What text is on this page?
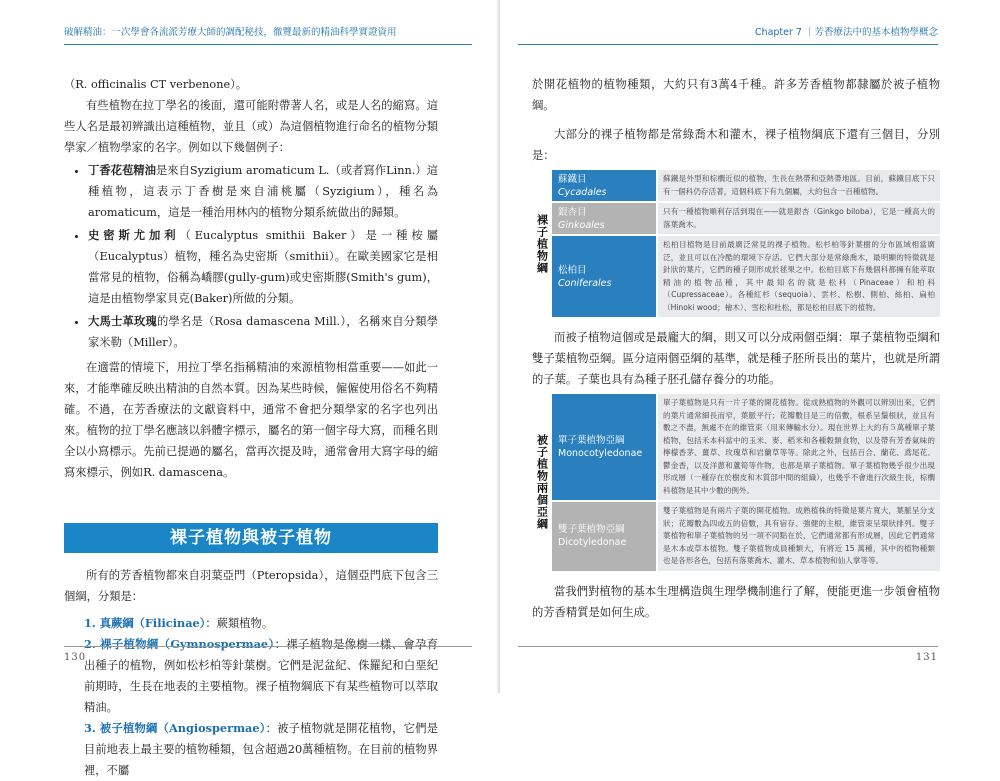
破解精油：一次學會各流派芳療大師的調配秘技，徹覽最新的精油科學實證資用

（R. officinalis CT verbenone）。

有些植物在拉丁學名的後面，還可能附帶著人名，或是人名的縮寫。這些人名是最初辨識出這種植物，並且（或）為這個植物進行命名的植物分類學家／植物學家的名字。例如以下幾個例子：

• 丁香花苞精油是來自Syzigium aromaticum L.（或者寫作Linn.）這種植物，這表示丁香樹是來自浦桃屬（Syzigium），種名為aromaticum，這是一種治用林內的植物分類系統做出的歸類。
• 史密斯尤加利（Eucalyptus smithii Baker）是一種桉屬（Eucalyptus）植物，種名為史密斯（smithii）。在歐美國家它是相當常見的植物，俗稱為嶠膠(gully-gum)或史密斯膠(Smith's gum)，這是由植物學家貝克(Baker)所做的分類。
• 大馬士革玫瑰的學名是（Rosa damascena Mill.），名稱來自分類學家米勒（Miller）。

在適當的情境下，用拉丁學名指稱精油的來源植物相當重要——如此一來，才能準確反映出精油的自然本質。因為某些時候，僱僱使用俗名不夠精確。不過，在芳香療法的文獻資料中，通常不會把分類學家的名字也列出來。植物的拉丁學名應該以斜體字標示，屬名的第一個字母大寫，而種名則全以小寫標示。先前已提過的屬名，當再次提及時，通常會用大寫字母的縮寫來標示，例如R. damascena。

裸子植物與被子植物

所有的芳香植物都來自羽葉亞門（Pteropsida），這個亞門底下包含三個綱，分類是：

1. 真蕨綱（Filicinae）：蕨類植物。
2. 裸子植物綱（Gymnospermae）：裸子植物是像樹一樣、會孕育出種子的植物，例如松杉柏等針葉樹。它們是泥盆紀、侏羅紀和白堊紀前期時，生長在地表的主要植物。裸子植物綱底下有某些植物可以萃取精油。
3. 被子植物綱（Angiospermae）：被子植物就是開花植物，它們是目前地表上最主要的植物種類，包含超過20萬種植物。在目前的植物界裡，不屬
130
Chapter 7 ｜芳香療法中的基本植物學概念

於開花植物的植物種類，大約只有3萬4千種。許多芳香植物都隸屬於被子植物綱。

大部分的裸子植物都是常綠喬木和灌木，裸子植物綱底下還有三個目，分別是：

裸子植物綱
蘇鐵目
Cycadales
蘇鐵是外型和棕櫚近似的植物，生長在熱帶和亞熱帶地區。目前，蘇鐵目底下只有一個科仍存活著，這個科底下有九個屬，大約包含一百種植物。
銀杏目
Ginkoales
只有一種植物順利存活到現在——就是銀杏（Ginkgo biloba），它是一種高大的落葉喬木。
松柏目
Coniferales
松柏目植物是目前最廣泛常見的裸子植物。松杉柏等針葉樹的分布區域相當廣泛，並且可以在冷酷的環境下存活。它們大部分是常綠喬木，最明顯的特徵就是針狀的葉片，它們的種子則形成於毬果之中。松柏目底下有幾個科都擁有能萃取精油的植物品種，其中最知名的就是松科（Pinaceae）和柏科（Cupressaceae）。各種紅杉（sequoia）、雲杉、松樹、側柏、絲柏、扁柏（Hinoki wood；檜木）、雪松和杜松，都是松柏目底下的植物。

而被子植物這個或是最龐大的綱，則又可以分成兩個亞綱：單子葉植物亞綱和雙子葉植物亞綱。區分這兩個亞綱的基準，就是種子胚所長出的葉片，也就是所謂的子葉。子葉也具有為種子胚孔儲存養分的功能。

被子植物兩個亞綱	單子葉植物亞綱
Monocotyledonae
單子葉植物是只有一片子葉的開花植物。從成熟植物的外觀可以辨別出來，它們的葉片通常細長而窄，葉脈平行；花瓣數目是三的倍數，根系呈鬚根狀，並且有數之不盡，無處不在的維管束（用來傳輸水分）。現在世界上大約有５萬種單子葉植物，包括禾本科當中的玉米、麥、稻米和各種穀類食物，以及帶有芳香氣味的檸檬香茅、薑草、玫瑰草和岩蘭草等等。除此之外，包括百合、蘭花、鳶尾花、鬱金香，以及洋蔥和蘆筍等作物，也都是單子葉植物。單子葉植物幾乎很少出現形成層（一種存在於樹皮和木質部中間的組織），也幾乎不會進行次級生長，棕櫚科植物是其中少數的例外。
雙子葉植物亞綱
Dicotyledonae
雙子葉植物是有兩片子葉的開花植物。成熟植株的特徵是葉片寬大，葉脈呈分支狀；花瓣數為四或五的倍數，具有宿存、強健的主根，維管束呈環狀排列。雙子葉植物和單子葉植物的另一項不同點在於，它們通常都有形成層，因此它們通常是木本或草本植物。雙子葉植物成員種類大，有將近 15 萬種，其中的植物種類也是各形各色，包括有落葉喬木、灌木、草本植物和仙人掌等等。

當我們對植物的基本生理構造與生理學機制進行了解，便能更進一步領會植物的芳香精質是如何生成。

131
